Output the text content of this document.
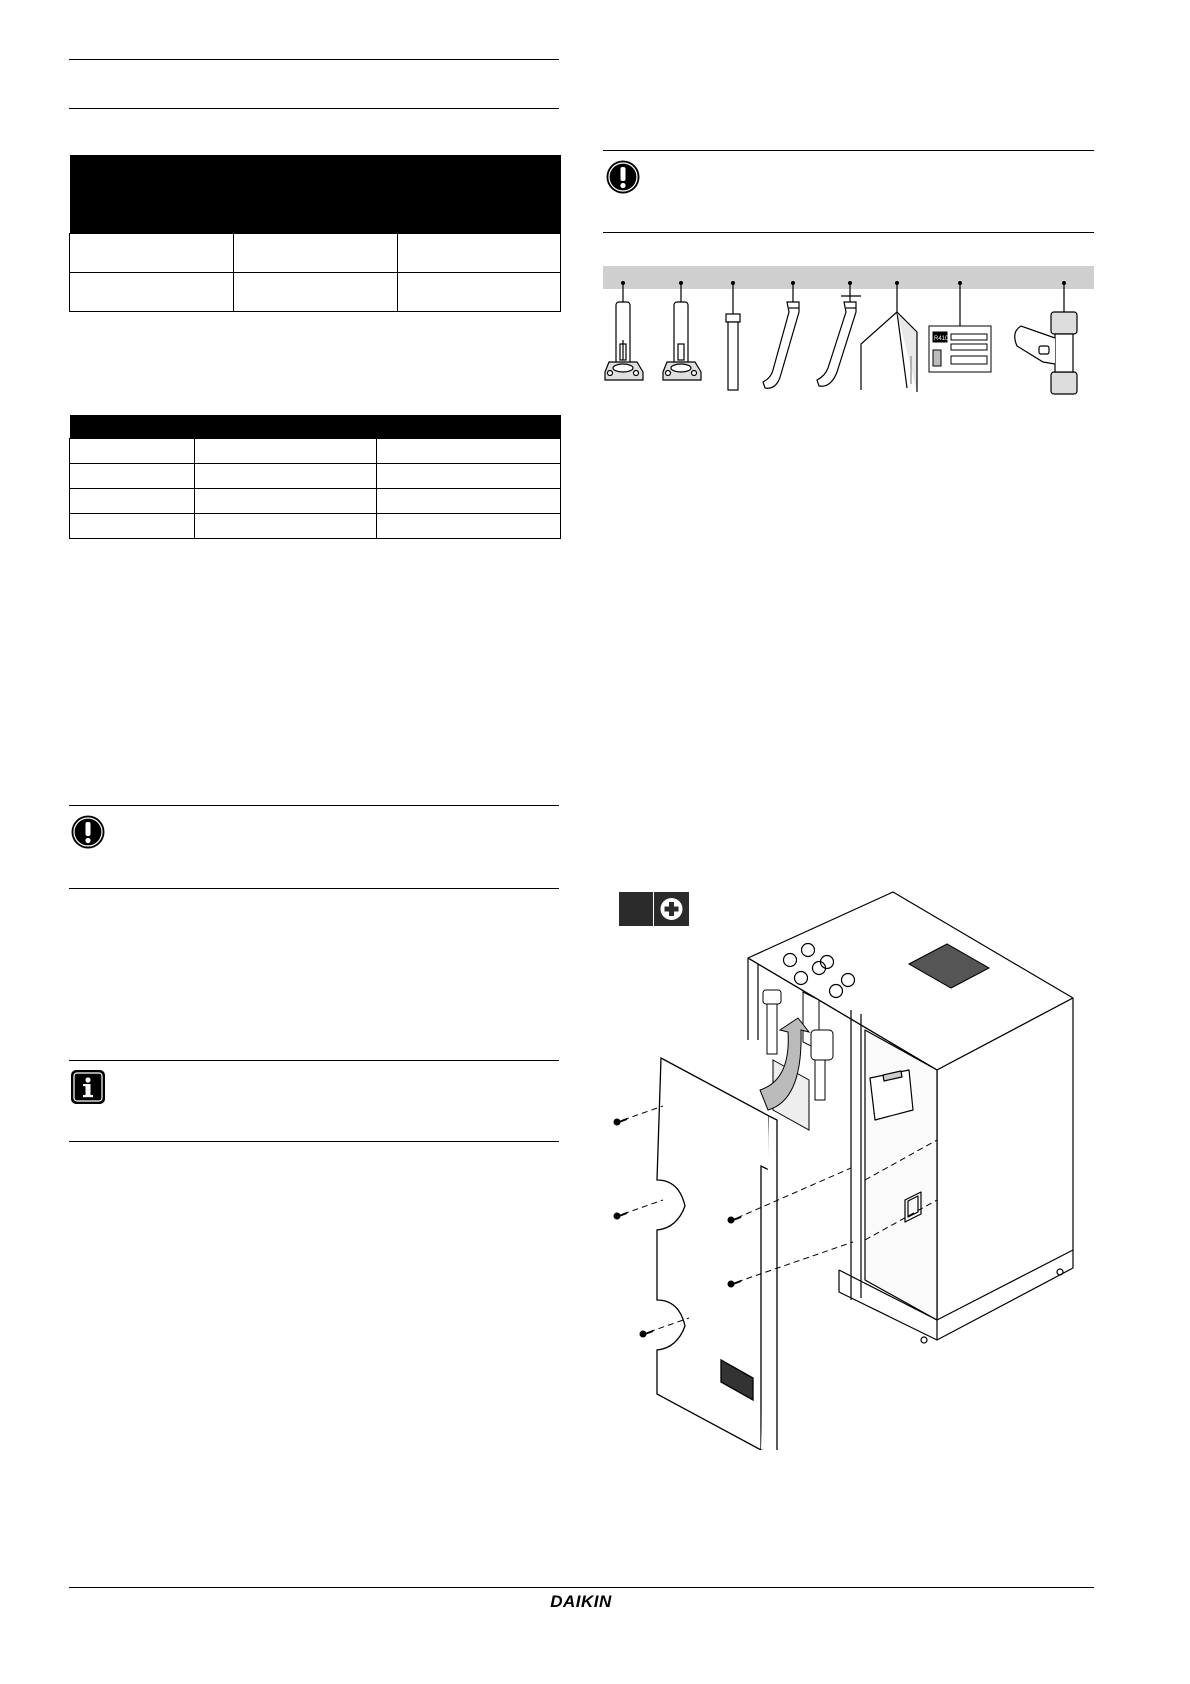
R410A
DAIKIN
